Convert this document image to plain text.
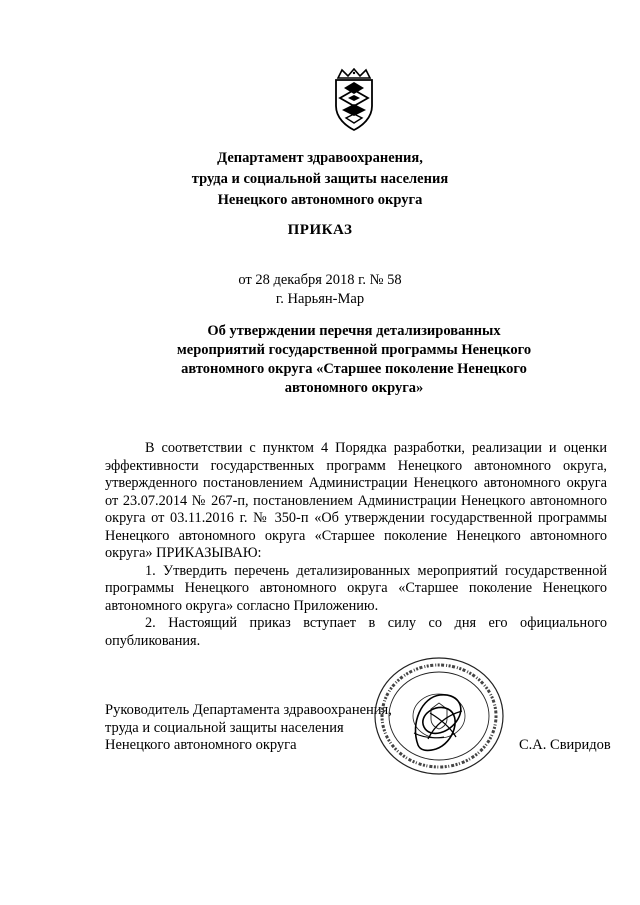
Департамент здравоохранения,
труда и социальной защиты населения
Ненецкого автономного округа
ПРИКАЗ
от 28 декабря 2018 г. № 58
г. Нарьян-Мар
Об утверждении перечня детализированных
мероприятий государственной программы Ненецкого
автономного округа «Старшее поколение Ненецкого
автономного округа»

В соответствии с пунктом 4 Порядка разработки, реализации и оценки эффективности государственных программ Ненецкого автономного округа, утвержденного постановлением Администрации Ненецкого автономного округа от 23.07.2014 № 267-п, постановлением Администрации Ненецкого автономного округа от 03.11.2016 г. № 350-п «Об утверждении государственной программы Ненецкого автономного округа «Старшее поколение Ненецкого автономного округа» ПРИКАЗЫВАЮ:

1. Утвердить перечень детализированных мероприятий государственной программы Ненецкого автономного округа «Старшее поколение Ненецкого автономного округа» согласно Приложению.

2. Настоящий приказ вступает в силу со дня его официального опубликования.

Руководитель Департамента здравоохранения,
труда и социальной защиты населения
Ненецкого автономного округа	С.А. Свиридов
